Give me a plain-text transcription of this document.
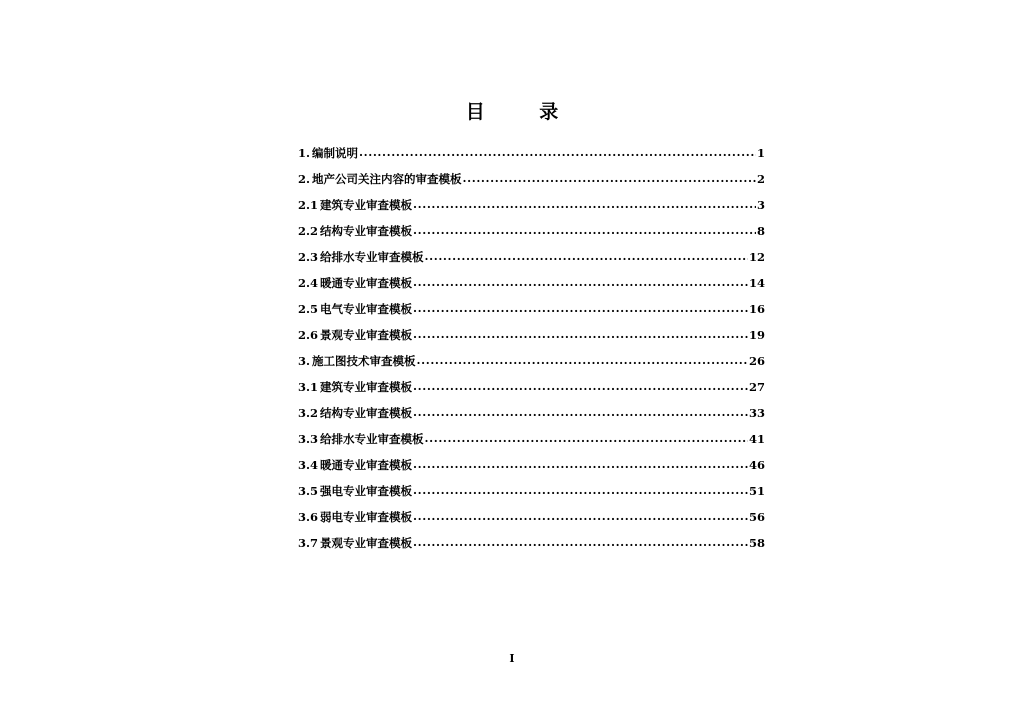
目 录
1. 编制说明 .....	1
2. 地产公司关注内容的审查模板 .....	2
2.1 建筑专业审查模板 .....	3
2.2 结构专业审查模板 .....	8
2.3 给排水专业审查模板 .....	12
2.4 暖通专业审查模板 .....	14
2.5 电气专业审查模板 .....	16
2.6 景观专业审查模板 .....	19
3. 施工图技术审查模板 .....	26
3.1 建筑专业审查模板 .....	27
3.2 结构专业审查模板 .....	33
3.3 给排水专业审查模板 .....	41
3.4 暖通专业审查模板 .....	46
3.5 强电专业审查模板 .....	51
3.6 弱电专业审查模板 .....	56
3.7 景观专业审查模板 .....	58
I
